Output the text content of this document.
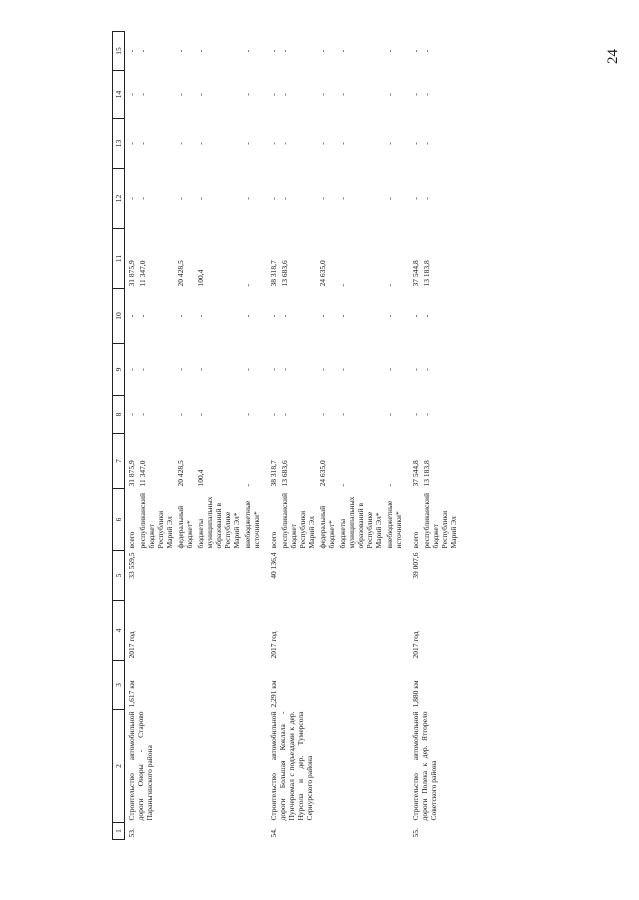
24
1	2	3	4	5	6	7	8	9	10	11	12	13	14	15
53.	Строительство автомобильной дороги Оноры - Старово Параньгинского района	1,617 км	2017 год	33 559,5	всего	31 875,9	-	-	-	31 875,9	-	-	-	-
					республиканский бюджет Республики Марий Эл	11 347,0	-	-	-	11 347,0	-	-	-	-
					федеральный бюджет*	20 428,5	-	-	-	20 428,5	-	-	-	-
					бюджеты муниципальных образований в Республике Марий Эл*	100,4	-	-	-	100,4	-	-	-	-
					внебюджетные источники*	-	-	-	-	-	-	-	-	-

54.	Строительство автомобильной дороги Большая Коклала - Пунчерюмал с подъездами к дер. Нурсола и дер. Тумерсола Сернурского района	2,291 км	2017 год	40 136,4	всего	38 318,7	-	-	-	38 318,7	-	-	-	-
					республиканский бюджет Республики Марий Эл	13 683,6	-	-	-	13 683,6	-	-	-	-
					федеральный бюджет*	24 635,0	-	-	-	24 635,0	-	-	-	-
					бюджеты муниципальных образований в Республике Марий Эл*	-	-	-	-	-	-	-	-	-
					внебюджетные источники*	-	-	-	-	-	-	-	-	-

55.	Строительство автомобильной дороги Полека к дер. Ятгорело Советского района	1,880 км	2017 год	39 007,6	всего	37 544,8	-	-	-	37 544,8	-	-	-	-
					республиканский бюджет Республики Марий Эл	13 183,8	-	-	-	13 183,8	-	-	-	-
